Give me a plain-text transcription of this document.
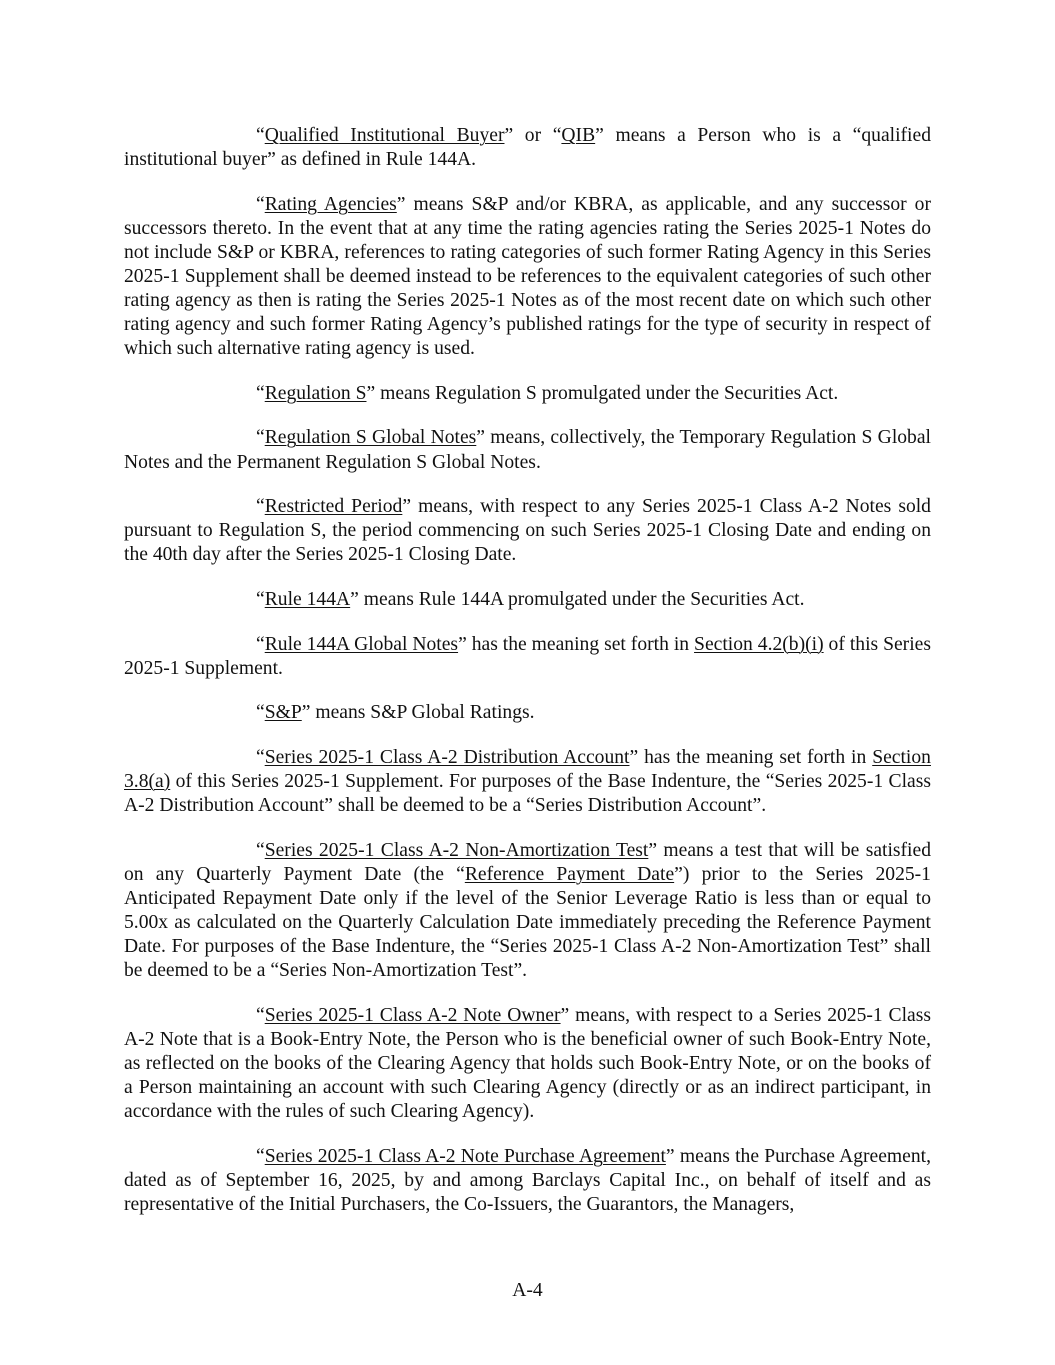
“Qualified Institutional Buyer” or “QIB” means a Person who is a “qualified institutional buyer” as defined in Rule 144A.

“Rating Agencies” means S&P and/or KBRA, as applicable, and any successor or successors thereto. In the event that at any time the rating agencies rating the Series 2025-1 Notes do not include S&P or KBRA, references to rating categories of such former Rating Agency in this Series 2025-1 Supplement shall be deemed instead to be references to the equivalent categories of such other rating agency as then is rating the Series 2025-1 Notes as of the most recent date on which such other rating agency and such former Rating Agency’s published ratings for the type of security in respect of which such alternative rating agency is used.

“Regulation S” means Regulation S promulgated under the Securities Act.

“Regulation S Global Notes” means, collectively, the Temporary Regulation S Global Notes and the Permanent Regulation S Global Notes.

“Restricted Period” means, with respect to any Series 2025-1 Class A-2 Notes sold pursuant to Regulation S, the period commencing on such Series 2025-1 Closing Date and ending on the 40th day after the Series 2025-1 Closing Date.

“Rule 144A” means Rule 144A promulgated under the Securities Act.

“Rule 144A Global Notes” has the meaning set forth in Section 4.2(b)(i) of this Series 2025-1 Supplement.

“S&P” means S&P Global Ratings.

“Series 2025-1 Class A-2 Distribution Account” has the meaning set forth in Section 3.8(a) of this Series 2025-1 Supplement. For purposes of the Base Indenture, the “Series 2025-1 Class A-2 Distribution Account” shall be deemed to be a “Series Distribution Account”.

“Series 2025-1 Class A-2 Non-Amortization Test” means a test that will be satisfied on any Quarterly Payment Date (the “Reference Payment Date”) prior to the Series 2025-1 Anticipated Repayment Date only if the level of the Senior Leverage Ratio is less than or equal to 5.00x as calculated on the Quarterly Calculation Date immediately preceding the Reference Payment Date. For purposes of the Base Indenture, the “Series 2025-1 Class A-2 Non-Amortization Test” shall be deemed to be a “Series Non-Amortization Test”.

“Series 2025-1 Class A-2 Note Owner” means, with respect to a Series 2025-1 Class A-2 Note that is a Book-Entry Note, the Person who is the beneficial owner of such Book-Entry Note, as reflected on the books of the Clearing Agency that holds such Book-Entry Note, or on the books of a Person maintaining an account with such Clearing Agency (directly or as an indirect participant, in accordance with the rules of such Clearing Agency).

“Series 2025-1 Class A-2 Note Purchase Agreement” means the Purchase Agreement, dated as of September 16, 2025, by and among Barclays Capital Inc., on behalf of itself and as representative of the Initial Purchasers, the Co-Issuers, the Guarantors, the Managers,

A-4
